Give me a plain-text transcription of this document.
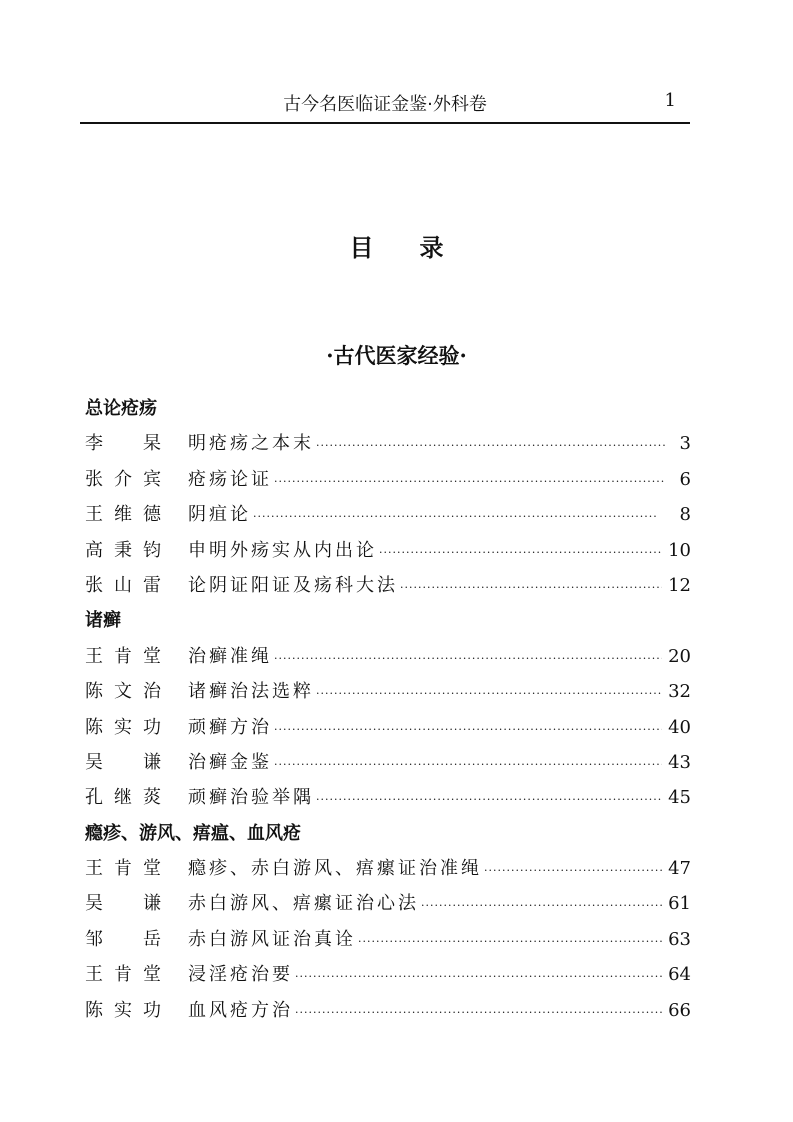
古今名医临证金鉴·外科卷	1
目录
·古代医家经验·
总论疮疡
李　杲	明疮疡之本末 ·····	3
张介宾	疮疡论证 ·····	6
王维德	阴疽论 ·····	8
高秉钧	申明外疡实从内出论 ·····	10
张山雷	论阴证阳证及疡科大法 ·····	12
诸癣
王肯堂	治癣准绳 ·····	20
陈文治	诸癣治法选粹 ·····	32
陈实功	顽癣方治 ·····	40
吴　谦	治癣金鉴 ·····	43
孔继菼	顽癣治验举隅 ·····	45
瘾疹、游风、痦瘟、血风疮
王肯堂	瘾疹、赤白游风、痦瘰证治准绳 ·····	47
吴　谦	赤白游风、痦瘰证治心法 ·····	61
邹　岳	赤白游风证治真诠 ·····	63
王肯堂	浸淫疮治要 ·····	64
陈实功	血风疮方治 ·····	66
